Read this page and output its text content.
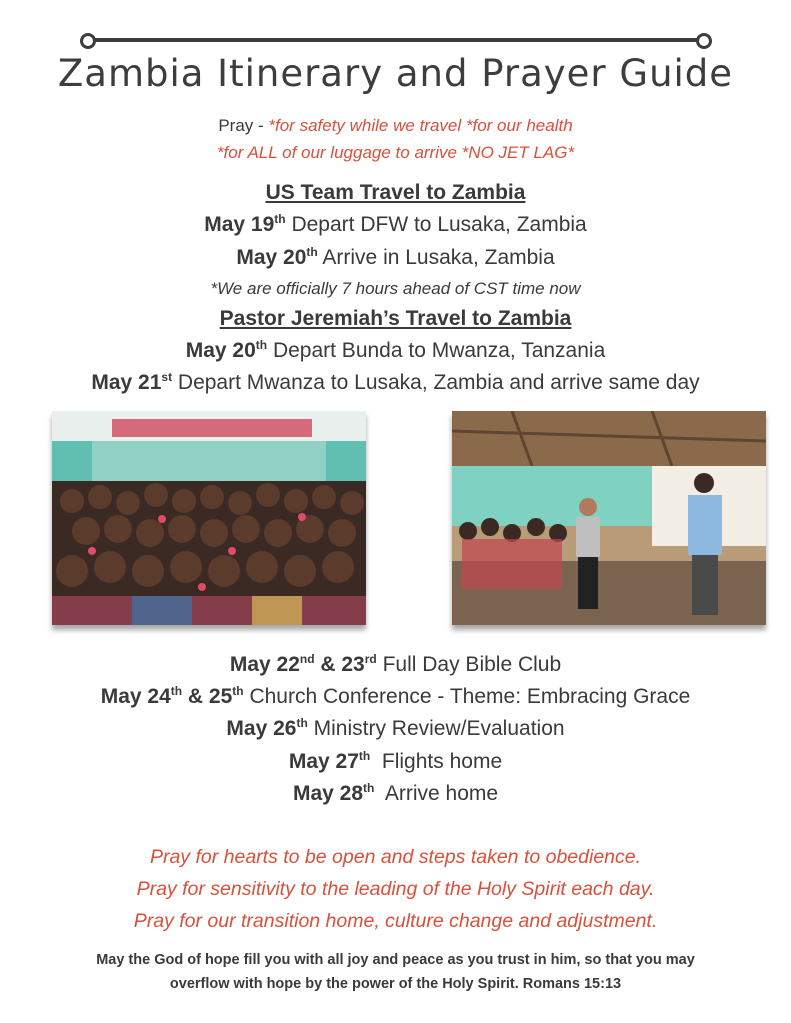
Zambia Itinerary and Prayer Guide
Pray - *for safety while we travel *for our health
*for ALL of our luggage to arrive *NO JET LAG*
US Team Travel to Zambia
May 19th Depart DFW to Lusaka, Zambia
May 20th Arrive in Lusaka, Zambia
*We are officially 7 hours ahead of CST time now
Pastor Jeremiah’s Travel to Zambia
May 20th Depart Bunda to Mwanza, Tanzania
May 21st Depart Mwanza to Lusaka, Zambia and arrive same day
May 22nd & 23rd Full Day Bible Club
May 24th & 25th Church Conference - Theme: Embracing Grace
May 26th Ministry Review/Evaluation
May 27th  Flights home
May 28th  Arrive home
Pray for hearts to be open and steps taken to obedience.
Pray for sensitivity to the leading of the Holy Spirit each day.
Pray for our transition home, culture change and adjustment.
May the God of hope fill you with all joy and peace as you trust in him, so that you may
overflow with hope by the power of the Holy Spirit. Romans 15:13
